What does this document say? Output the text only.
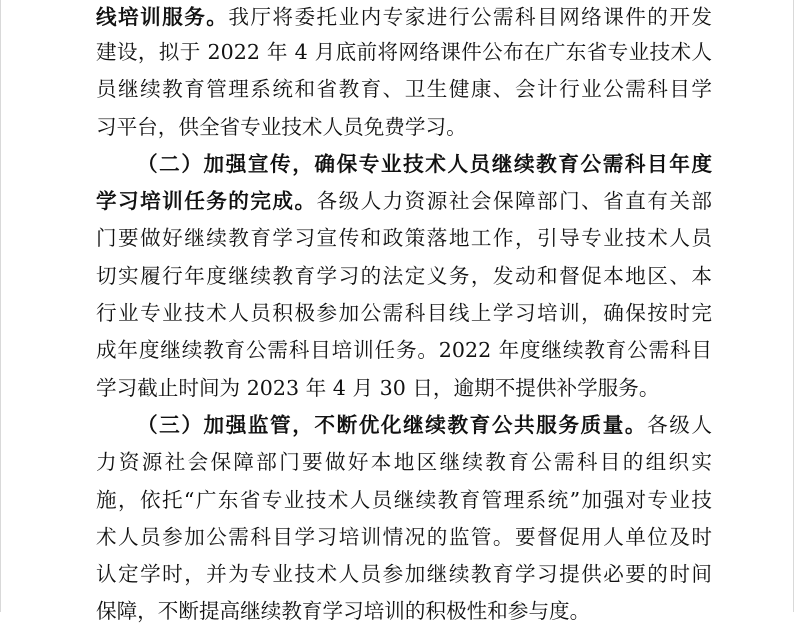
线培训服务。我厅将委托业内专家进行公需科目网络课件的开发
建设，拟于 2022 年 4 月底前将网络课件公布在广东省专业技术人
员继续教育管理系统和省教育、卫生健康、会计行业公需科目学
习平台，供全省专业技术人员免费学习。
（二）加强宣传，确保专业技术人员继续教育公需科目年度
学习培训任务的完成。各级人力资源社会保障部门、省直有关部
门要做好继续教育学习宣传和政策落地工作，引导专业技术人员
切实履行年度继续教育学习的法定义务，发动和督促本地区、本
行业专业技术人员积极参加公需科目线上学习培训，确保按时完
成年度继续教育公需科目培训任务。2022 年度继续教育公需科目
学习截止时间为 2023 年 4 月 30 日，逾期不提供补学服务。
（三）加强监管，不断优化继续教育公共服务质量。各级人
力资源社会保障部门要做好本地区继续教育公需科目的组织实
施，依托“广东省专业技术人员继续教育管理系统”加强对专业技
术人员参加公需科目学习培训情况的监管。要督促用人单位及时
认定学时，并为专业技术人员参加继续教育学习提供必要的时间
保障，不断提高继续教育学习培训的积极性和参与度。
